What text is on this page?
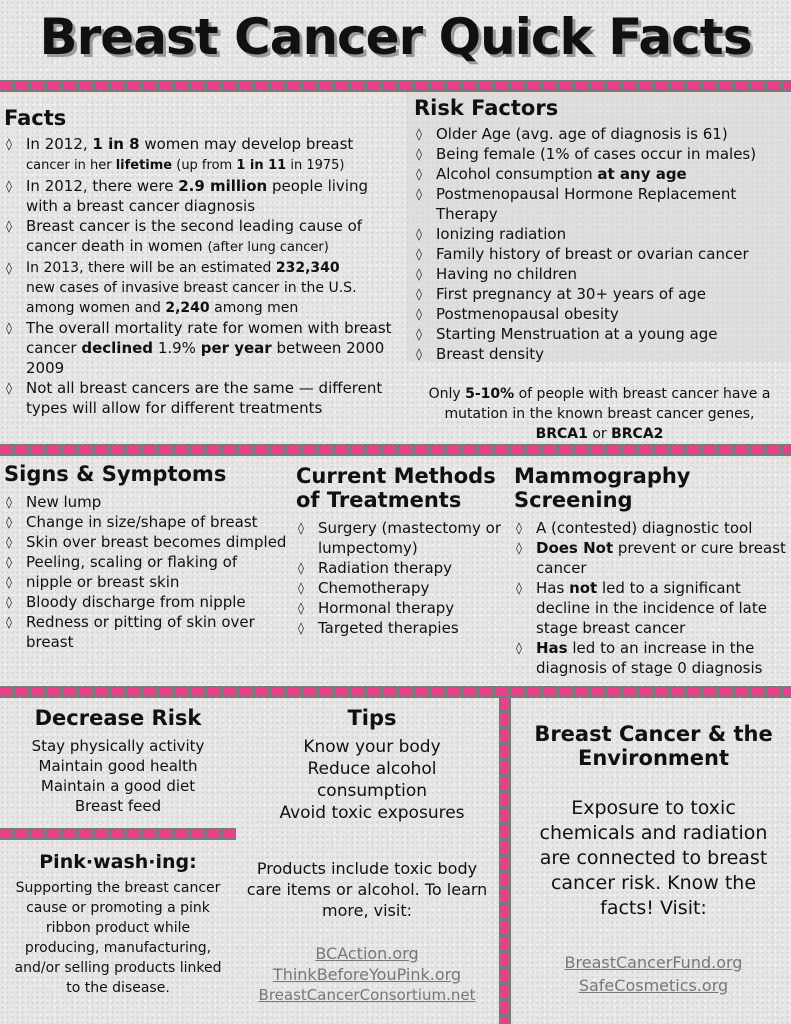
Breast Cancer Quick Facts
Facts
◊ In 2012, 1 in 8 women may develop breast
cancer in her lifetime (up from 1 in 11 in 1975)
◊ In 2012, there were 2.9 million people living with a breast cancer diagnosis
◊ Breast cancer is the second leading cause of cancer death in women (after lung cancer)
◊ In 2013, there will be an estimated 232,340
new cases of invasive breast cancer in the U.S. among women and 2,240 among men
◊ The overall mortality rate for women with breast cancer declined 1.9% per year between 2000 2009
◊ Not all breast cancers are the same — different types will allow for different treatments
Risk Factors
◊ Older Age (avg. age of diagnosis is 61)
◊ Being female (1% of cases occur in males)
◊ Alcohol consumption at any age
◊ Postmenopausal Hormone Replacement Therapy
◊ Ionizing radiation
◊ Family history of breast or ovarian cancer
◊ Having no children
◊ First pregnancy at 30+ years of age
◊ Postmenopausal obesity
◊ Starting Menstruation at a young age
◊ Breast density
Only 5-10% of people with breast cancer have a mutation in the known breast cancer genes,
BRCA1 or BRCA2
Signs & Symptoms
◊ New lump
◊ Change in size/shape of breast
◊ Skin over breast becomes dimpled
◊ Peeling, scaling or flaking of
◊ nipple or breast skin
◊ Bloody discharge from nipple
◊ Redness or pitting of skin over breast
Current Methods
of Treatments
◊ Surgery (mastectomy or lumpectomy)
◊ Radiation therapy
◊ Chemotherapy
◊ Hormonal therapy
◊ Targeted therapies
Mammography
Screening
◊ A (contested) diagnostic tool
◊ Does Not prevent or cure breast cancer
◊ Has not led to a significant decline in the incidence of late stage breast cancer
◊ Has led to an increase in the diagnosis of stage 0 diagnosis
Decrease Risk
Stay physically activity
Maintain good health
Maintain a good diet
Breast feed
Tips
Know your body
Reduce alcohol
consumption
Avoid toxic exposures
Breast Cancer & the
Environment
Exposure to toxic chemicals and radiation are connected to breast cancer risk. Know the facts! Visit:
BreastCancerFund.org
SafeCosmetics.org
Pink·wash·ing:
Supporting the breast cancer cause or promoting a pink ribbon product while producing, manufacturing, and/or selling products linked to the disease.
Products include toxic body care items or alcohol. To learn more, visit:
BCAction.org
ThinkBeforeYouPink.org
BreastCancerConsortium.net
